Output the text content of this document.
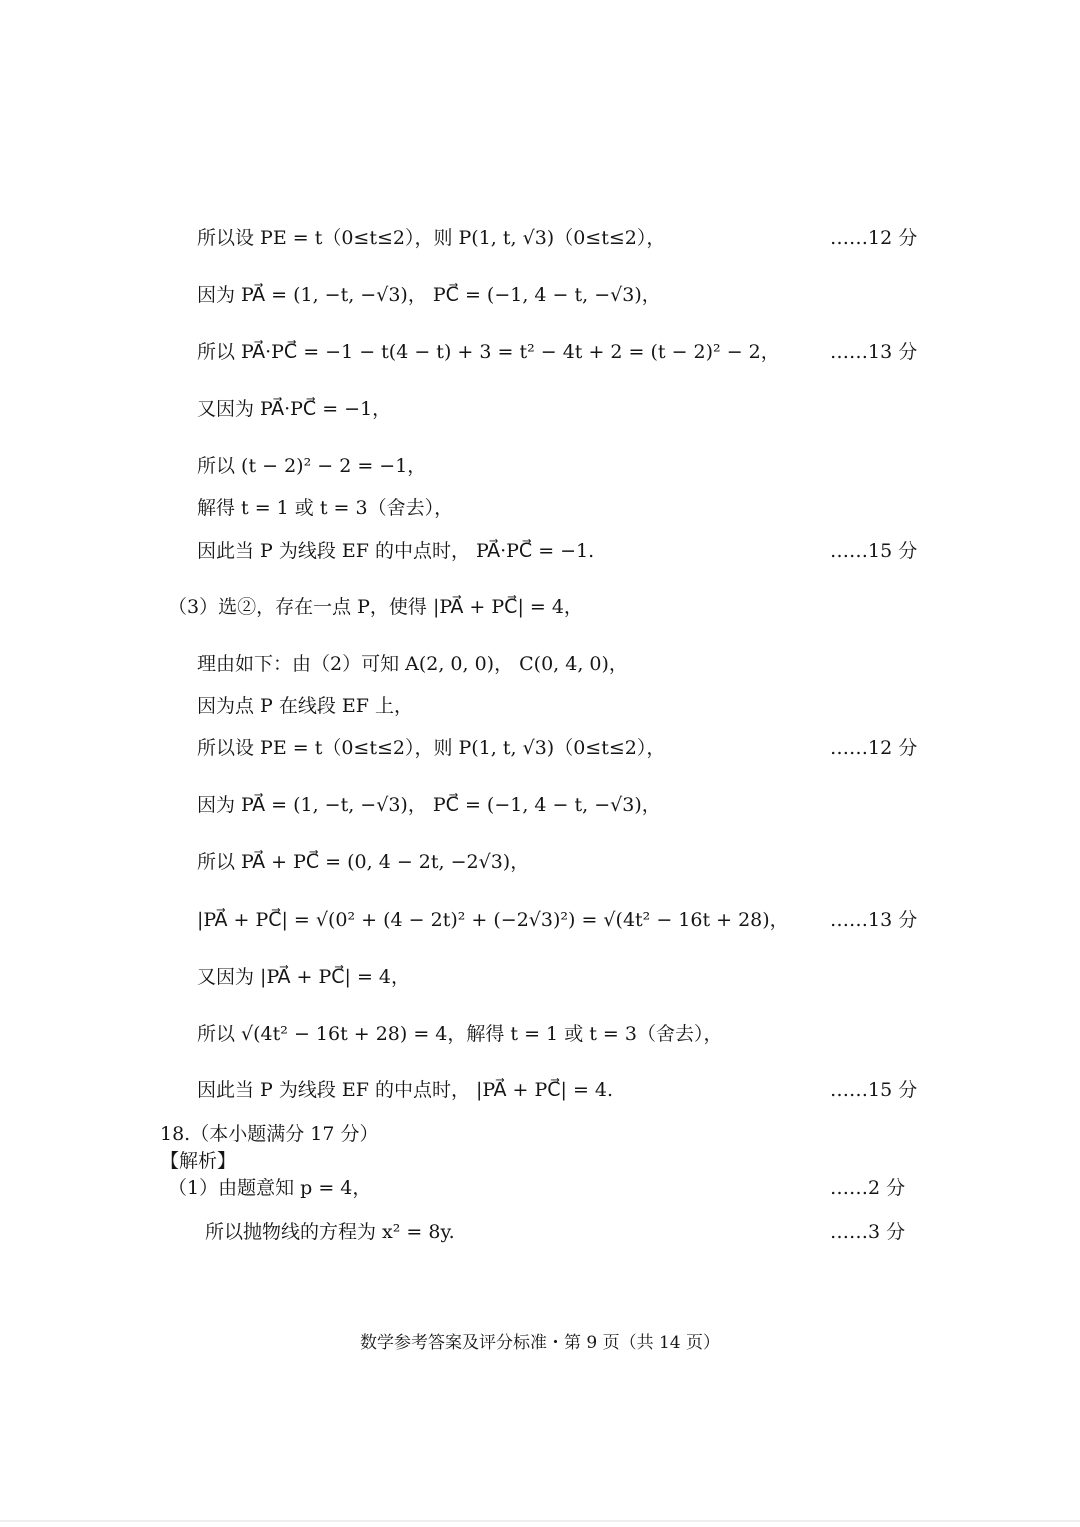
所以设 PE = t（0≤t≤2），则 P(1, t, √3)（0≤t≤2），	……12 分
因为 PA⃗ = (1, −t, −√3)， PC⃗ = (−1, 4 − t, −√3)，
所以 PA⃗·PC⃗ = −1 − t(4 − t) + 3 = t² − 4t + 2 = (t − 2)² − 2，	……13 分
又因为 PA⃗·PC⃗ = −1，
所以 (t − 2)² − 2 = −1，
解得 t = 1 或 t = 3（舍去），
因此当 P 为线段 EF 的中点时， PA⃗·PC⃗ = −1.	……15 分
（3）选②，存在一点 P，使得 |PA⃗ + PC⃗| = 4，
理由如下：由（2）可知 A(2, 0, 0)， C(0, 4, 0)，
因为点 P 在线段 EF 上，
所以设 PE = t（0≤t≤2），则 P(1, t, √3)（0≤t≤2），	……12 分
因为 PA⃗ = (1, −t, −√3)， PC⃗ = (−1, 4 − t, −√3)，
所以 PA⃗ + PC⃗ = (0, 4 − 2t, −2√3)，
|PA⃗ + PC⃗| = √(0² + (4 − 2t)² + (−2√3)²) = √(4t² − 16t + 28)，	……13 分
又因为 |PA⃗ + PC⃗| = 4，
所以 √(4t² − 16t + 28) = 4，解得 t = 1 或 t = 3（舍去），
因此当 P 为线段 EF 的中点时， |PA⃗ + PC⃗| = 4.	……15 分
18.（本小题满分 17 分）
【解析】
（1）由题意知 p = 4，	……2 分
所以抛物线的方程为 x² = 8y.	……3 分
数学参考答案及评分标准・第 9 页（共 14 页）
